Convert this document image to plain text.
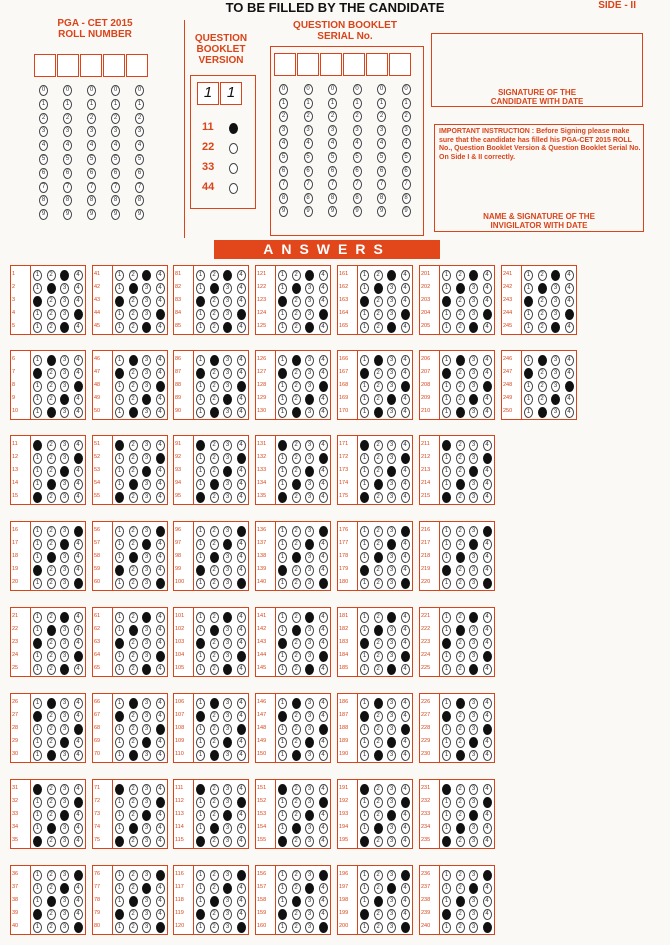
TO BE FILLED BY THE CANDIDATE	SIDE - II
PGA - CET 2015
ROLL NUMBER
0
1
2
3
4
5
6
7
8
9
0
1
2
3
4
5
6
7
8
9
0
1
2
3
4
5
6
7
8
9
0
1
2
3
4
5
6
7
8
9
0
1
2
3
4
5
6
7
8
9
QUESTION
BOOKLET
VERSION
1 1
11
22
33
44
QUESTION BOOKLET
SERIAL No.
0
1
2
3
4
5
6
7
8
9
0
1
2
3
4
5
6
7
8
9
0
1
2
3
4
5
6
7
8
9
0
1
2
3
4
5
6
7
8
9
0
1
2
3
4
5
6
7
8
9
0
1
2
3
4
5
6
7
8
9
SIGNATURE OF THE
CANDIDATE WITH DATE
IMPORTANT INSTRUCTION : Before Signing please make sure that the candidate has filled his PGA-CET 2015 ROLL No., Question Booklet Version & Question Booklet Serial No. On Side I & II correctly.
NAME & SIGNATURE OF THE
INVIGILATOR WITH DATE
ANSWERS
1	1	2	3	4
2	1	2	3	4
3	1	2	3	4
4	1	2	3	4
5	1	2	3	4
6	1	2	3	4
7	1	2	3	4
8	1	2	3	4
9	1	2	3	4
10	1	2	3	4
11	1	2	3	4
12	1	2	3	4
13	1	2	3	4
14	1	2	3	4
15	1	2	3	4
16	1	2	3	4
17	1	2	3	4
18	1	2	3	4
19	1	2	3	4
20	1	2	3	4
21	1	2	3	4
22	1	2	3	4
23	1	2	3	4
24	1	2	3	4
25	1	2	3	4
26	1	2	3	4
27	1	2	3	4
28	1	2	3	4
29	1	2	3	4
30	1	2	3	4
31	1	2	3	4
32	1	2	3	4
33	1	2	3	4
34	1	2	3	4
35	1	2	3	4
36	1	2	3	4
37	1	2	3	4
38	1	2	3	4
39	1	2	3	4
40	1	2	3	4
41	1	2	3	4
42	1	2	3	4
43	1	2	3	4
44	1	2	3	4
45	1	2	3	4
46	1	2	3	4
47	1	2	3	4
48	1	2	3	4
49	1	2	3	4
50	1	2	3	4
51	1	2	3	4
52	1	2	3	4
53	1	2	3	4
54	1	2	3	4
55	1	2	3	4
56	1	2	3	4
57	1	2	3	4
58	1	2	3	4
59	1	2	3	4
60	1	2	3	4
61	1	2	3	4
62	1	2	3	4
63	1	2	3	4
64	1	2	3	4
65	1	2	3	4
66	1	2	3	4
67	1	2	3	4
68	1	2	3	4
69	1	2	3	4
70	1	2	3	4
71	1	2	3	4
72	1	2	3	4
73	1	2	3	4
74	1	2	3	4
75	1	2	3	4
76	1	2	3	4
77	1	2	3	4
78	1	2	3	4
79	1	2	3	4
80	1	2	3	4
81	1	2	3	4
82	1	2	3	4
83	1	2	3	4
84	1	2	3	4
85	1	2	3	4
86	1	2	3	4
87	1	2	3	4
88	1	2	3	4
89	1	2	3	4
90	1	2	3	4
91	1	2	3	4
92	1	2	3	4
93	1	2	3	4
94	1	2	3	4
95	1	2	3	4
96	1	2	3	4
97	1	2	3	4
98	1	2	3	4
99	1	2	3	4
100	1	2	3	4
101	1	2	3	4
102	1	2	3	4
103	1	2	3	4
104	1	2	3	4
105	1	2	3	4
106	1	2	3	4
107	1	2	3	4
108	1	2	3	4
109	1	2	3	4
110	1	2	3	4
111	1	2	3	4
112	1	2	3	4
113	1	2	3	4
114	1	2	3	4
115	1	2	3	4
116	1	2	3	4
117	1	2	3	4
118	1	2	3	4
119	1	2	3	4
120	1	2	3	4
121	1	2	3	4
122	1	2	3	4
123	1	2	3	4
124	1	2	3	4
125	1	2	3	4
126	1	2	3	4
127	1	2	3	4
128	1	2	3	4
129	1	2	3	4
130	1	2	3	4
131	1	2	3	4
132	1	2	3	4
133	1	2	3	4
134	1	2	3	4
135	1	2	3	4
136	1	2	3	4
137	1	2	3	4
138	1	2	3	4
139	1	2	3	4
140	1	2	3	4
141	1	2	3	4
142	1	2	3	4
143	1	2	3	4
144	1	2	3	4
145	1	2	3	4
146	1	2	3	4
147	1	2	3	4
148	1	2	3	4
149	1	2	3	4
150	1	2	3	4
151	1	2	3	4
152	1	2	3	4
153	1	2	3	4
154	1	2	3	4
155	1	2	3	4
156	1	2	3	4
157	1	2	3	4
158	1	2	3	4
159	1	2	3	4
160	1	2	3	4
161	1	2	3	4
162	1	2	3	4
163	1	2	3	4
164	1	2	3	4
165	1	2	3	4
166	1	2	3	4
167	1	2	3	4
168	1	2	3	4
169	1	2	3	4
170	1	2	3	4
171	1	2	3	4
172	1	2	3	4
173	1	2	3	4
174	1	2	3	4
175	1	2	3	4
176	1	2	3	4
177	1	2	3	4
178	1	2	3	4
179	1	2	3	4
180	1	2	3	4
181	1	2	3	4
182	1	2	3	4
183	1	2	3	4
184	1	2	3	4
185	1	2	3	4
186	1	2	3	4
187	1	2	3	4
188	1	2	3	4
189	1	2	3	4
190	1	2	3	4
191	1	2	3	4
192	1	2	3	4
193	1	2	3	4
194	1	2	3	4
195	1	2	3	4
196	1	2	3	4
197	1	2	3	4
198	1	2	3	4
199	1	2	3	4
200	1	2	3	4
201	1	2	3	4
202	1	2	3	4
203	1	2	3	4
204	1	2	3	4
205	1	2	3	4
206	1	2	3	4
207	1	2	3	4
208	1	2	3	4
209	1	2	3	4
210	1	2	3	4
211	1	2	3	4
212	1	2	3	4
213	1	2	3	4
214	1	2	3	4
215	1	2	3	4
216	1	2	3	4
217	1	2	3	4
218	1	2	3	4
219	1	2	3	4
220	1	2	3	4
221	1	2	3	4
222	1	2	3	4
223	1	2	3	4
224	1	2	3	4
225	1	2	3	4
226	1	2	3	4
227	1	2	3	4
228	1	2	3	4
229	1	2	3	4
230	1	2	3	4
231	1	2	3	4
232	1	2	3	4
233	1	2	3	4
234	1	2	3	4
235	1	2	3	4
236	1	2	3	4
237	1	2	3	4
238	1	2	3	4
239	1	2	3	4
240	1	2	3	4
241	1	2	3	4
242	1	2	3	4
243	1	2	3	4
244	1	2	3	4
245	1	2	3	4
246	1	2	3	4
247	1	2	3	4
248	1	2	3	4
249	1	2	3	4
250	1	2	3	4
